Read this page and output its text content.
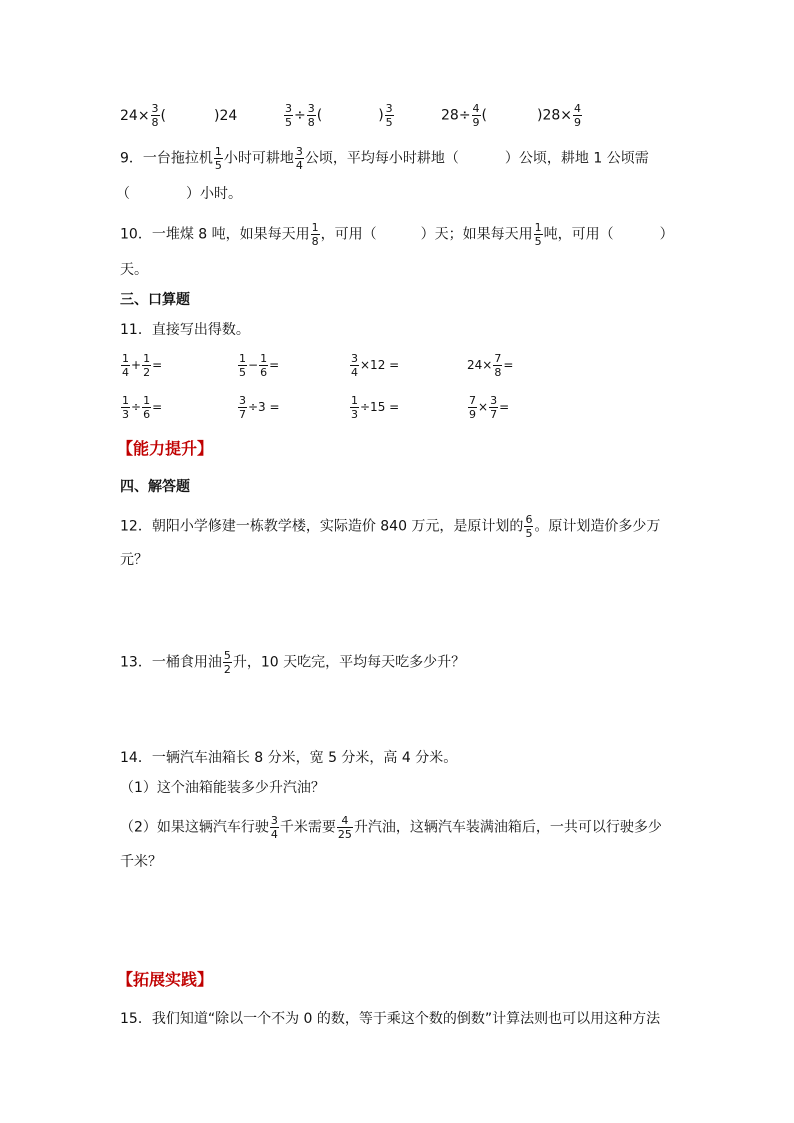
$24\times \frac{3}{8}$ (	)24	$\frac{3}{5} \div \frac{3}{8}$ (	) $\frac{3}{5}$	$28\div \frac{4}{9}$ (	)$28\times \frac{4}{9}$
9．一台拖拉机 $\frac{1}{5}$ 小时可耕地 $\frac{3}{4}$ 公顷，平均每小时耕地（	）公顷，耕地 1 公顷需
（　　　　）小时。
10．一堆煤 8 吨，如果每天用 $\frac{1}{8}$ ，可用（	）天；如果每天用 $\frac{1}{5}$ 吨，可用（	）
天。
三、口算题
11．直接写出得数。
$\frac{1}{4} + \frac{1}{2}$ =	$\frac{1}{5} - \frac{1}{6}$ =	$\frac{3}{4} \times 12$ =	$24\times \frac{7}{8}$ =
$\frac{1}{3} \div \frac{1}{6}$ =	$\frac{3}{7} \div 3$ =	$\frac{1}{3} \div 15$ =	$\frac{7}{9} \times \frac{3}{7}$ =
【能力提升】
四、解答题
12．朝阳小学修建一栋教学楼，实际造价 840 万元，是原计划的 $\frac{6}{5}$ 。原计划造价多少万
元？
13．一桶食用油 $\frac{5}{2}$ 升，10 天吃完，平均每天吃多少升？
14．一辆汽车油箱长 8 分米，宽 5 分米，高 4 分米。
（1）这个油箱能装多少升汽油？
（2）如果这辆汽车行驶 $\frac{3}{4}$ 千米需要 $\frac{4}{25}$ 升汽油，这辆汽车装满油箱后，一共可以行驶多少
千米？
【拓展实践】
15．我们知道“除以一个不为 0 的数，等于乘这个数的倒数”计算法则也可以用这种方法
